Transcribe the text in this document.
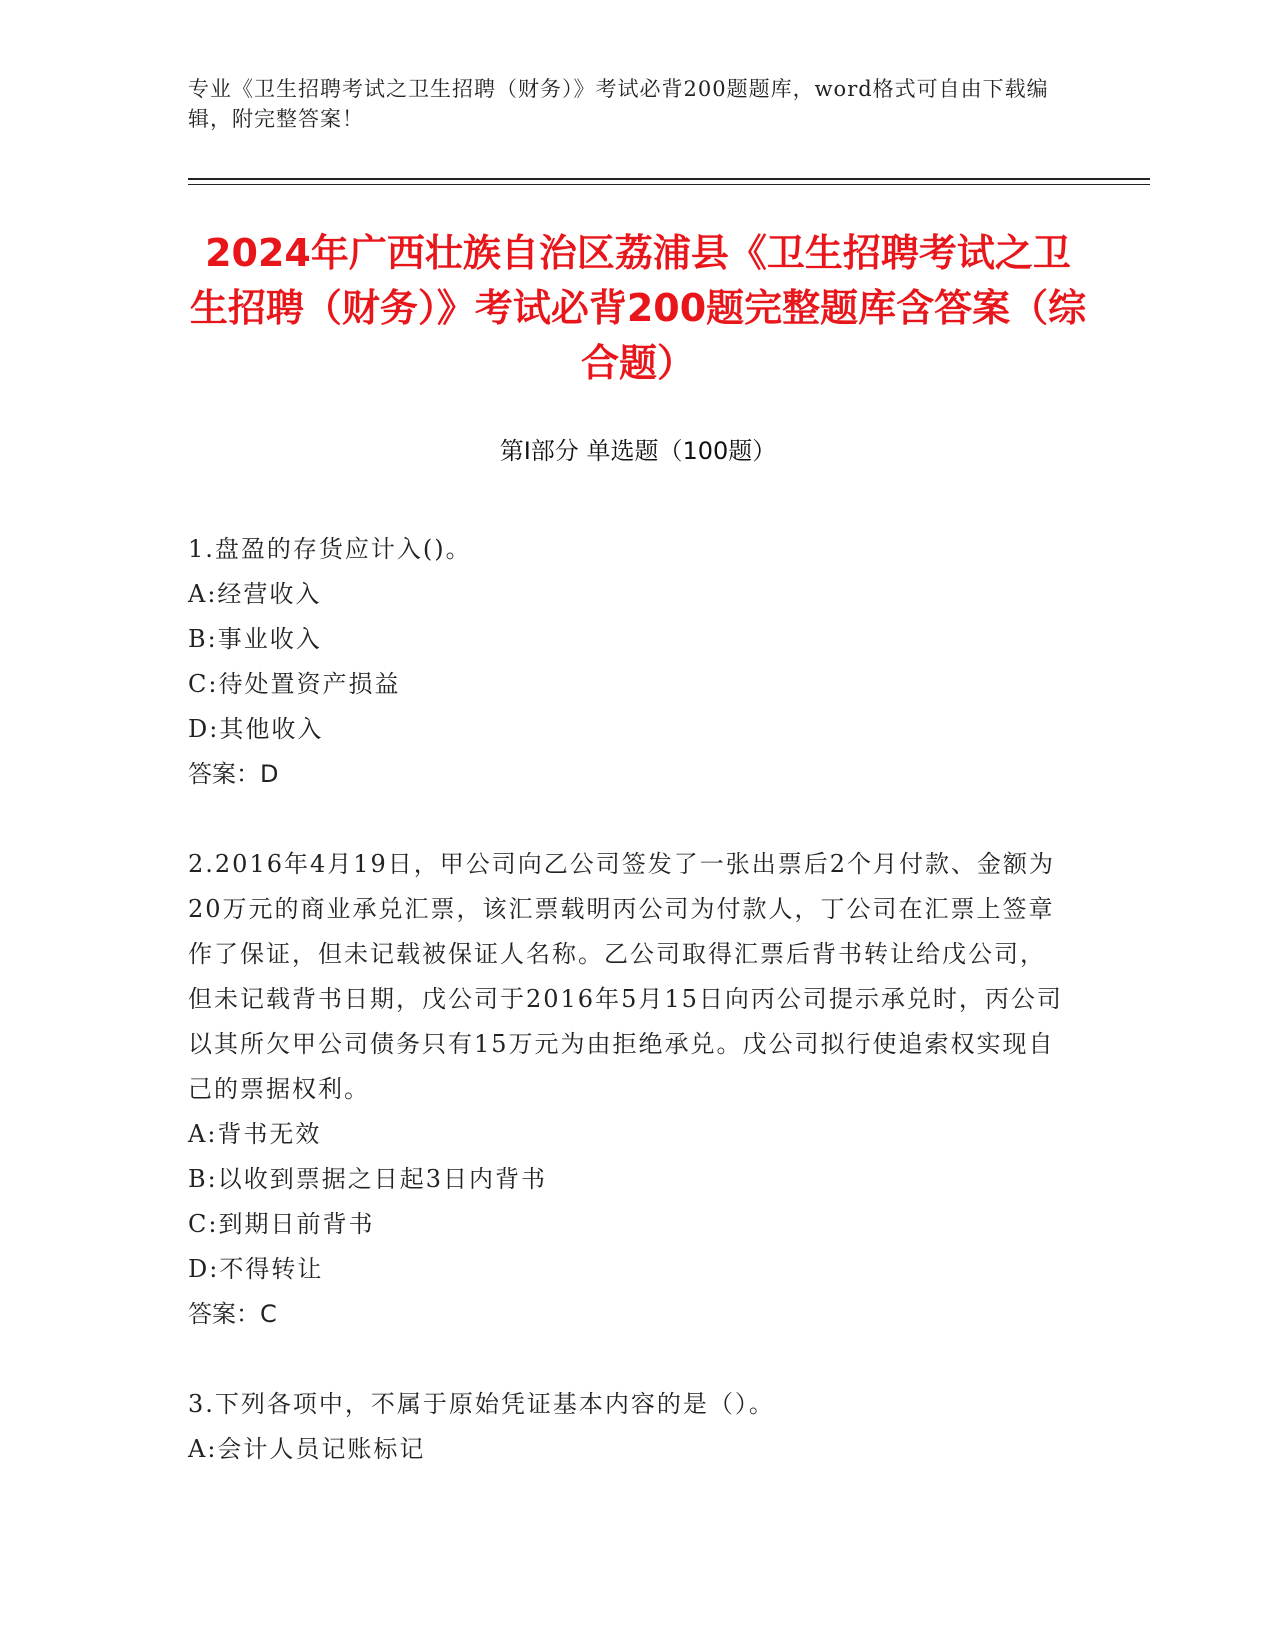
专业《卫生招聘考试之卫生招聘（财务）》考试必背200题题库，word格式可自由下载编辑，附完整答案！
2024年广西壮族自治区荔浦县《卫生招聘考试之卫生招聘（财务）》考试必背200题完整题库含答案（综合题）
第Ⅰ部分 单选题（100题）

1.盘盈的存货应计入()。

A:经营收入

B:事业收入

C:待处置资产损益

D:其他收入

答案：D

2.2016年4月19日，甲公司向乙公司签发了一张出票后2个月付款、金额为20万元的商业承兑汇票，该汇票载明丙公司为付款人，丁公司在汇票上签章作了保证，但未记载被保证人名称。乙公司取得汇票后背书转让给戊公司，但未记载背书日期，戊公司于2016年5月15日向丙公司提示承兑时，丙公司以其所欠甲公司债务只有15万元为由拒绝承兑。戊公司拟行使追索权实现自己的票据权利。

A:背书无效

B:以收到票据之日起3日内背书

C:到期日前背书

D:不得转让

答案：C

3.下列各项中，不属于原始凭证基本内容的是（）。

A:会计人员记账标记
